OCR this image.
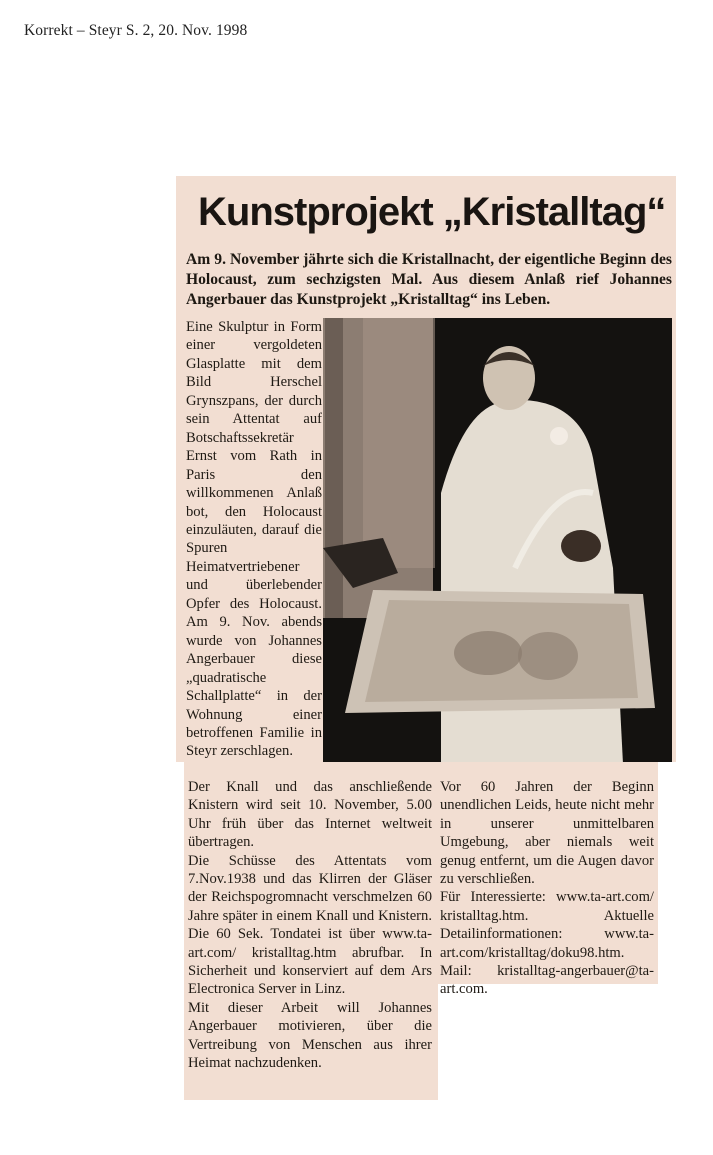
Korrekt – Steyr S. 2, 20. Nov. 1998
Kunstprojekt „Kristalltag“

Am 9. November jährte sich die Kristallnacht, der eigentliche Beginn des Holocaust, zum sechzigsten Mal. Aus diesem Anlaß rief Johannes Angerbauer das Kunstprojekt „Kristalltag“ ins Leben.

Eine Skulptur in Form einer vergoldeten Glasplatte mit dem Bild Herschel Grynszpans, der durch sein Attentat auf Botschaftssekretär Ernst vom Rath in Paris den willkommenen Anlaß bot, den Holocaust einzuläuten, darauf die Spuren Heimatvertriebener und überlebender Opfer des Holocaust. Am 9. Nov. abends wurde von Johannes Angerbauer diese „quadratische Schallplatte“ in der Wohnung einer betroffenen Familie in Steyr zerschlagen.

Der Knall und das anschließende Knistern wird seit 10. November, 5.00 Uhr früh über das Internet weltweit übertragen.

Die Schüsse des Attentats vom 7.Nov.1938 und das Klirren der Gläser der Reichspogromnacht verschmelzen 60 Jahre später in einem Knall und Knistern. Die 60 Sek. Tondatei ist über www.ta-art.com/ kristalltag.htm abrufbar. In Sicherheit und konserviert auf dem Ars Electronica Server in Linz.

Mit dieser Arbeit will Johannes Angerbauer motivieren, über die Vertreibung von Menschen aus ihrer Heimat nachzudenken.

Vor 60 Jahren der Beginn unendlichen Leids, heute nicht mehr in unserer unmittelbaren Umgebung, aber niemals weit genug entfernt, um die Augen davor zu verschließen.

Für Interessierte: www.ta-art.com/ kristalltag.htm. Aktuelle Detailinformationen: www.ta-art.com/kristalltag/doku98.htm. Mail: kristalltag-angerbauer@ta-art.com.
